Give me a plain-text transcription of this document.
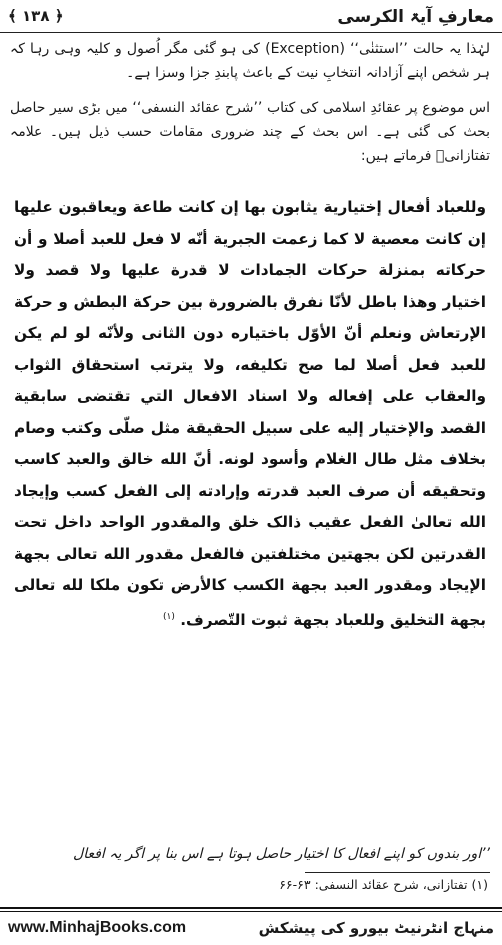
معارفِ آیۃ الکرسی
﴾ ۱۳۸ ﴿

لہٰذا یہ حالت ’’استثنٰی‘‘ (Exception) کی ہو گئی مگر اُصول و کلیہ وہی رہا کہ ہر شخص اپنے آزادانہ انتخابِ نیت کے باعث پابندِ جزا وسزا ہے۔

اس موضوع پر عقائدِ اسلامی کی کتاب ’’شرح عقائد النسفی‘‘ میں بڑی سیر حاصل بحث کی گئی ہے۔ اس بحث کے چند ضروری مقامات حسب ذیل ہیں۔ علامہ تفتازانیؒ فرماتے ہیں:

وللعباد أفعال إختيارية يثابون بها إن كانت طاعة ويعاقبون عليها إن كانت معصية لا كما زعمت الجبرية أنّه لا فعل للعبد أصلا و أن حركاته بمنزلة حركات الجمادات لا قدرة عليها ولا قصد ولا اختيار وهذا باطل لأنّا نفرق بالضرورة بين حركة البطش و حركة الإرتعاش ونعلم أنّ الأوّل باختياره دون الثانی ولأنّه لو لم يكن للعبد فعل أصلا لما صح تكليفه، ولا يترتب استحقاق الثواب والعقاب على إفعاله ولا اسناد الافعال التي تقتضی سابقية القصد والإختيار إليه على سبيل الحقيقة مثل صلّى وكتب وصام بخلاف مثل طال الغلام وأسود لونه. أنّ الله خالق والعبد كاسب وتحقيقه أن صرف العبد قدرته وإرادته إلى الفعل كسب وإيجاد الله تعالىٰ الفعل عقيب ذالک خلق والمقدور الواحد داخل تحت القدرتين لكن بجهتين مختلفتين فالفعل مقدور الله تعالى بجهة الإيجاد ومقدور العبد بجهة الكسب كالأرض تكون ملكا لله تعالى بجهة التخليق وللعباد بجهة ثبوت التّصرف. $^{(۱)}$

’’اور بندوں کو اپنے افعال کا اختیار حاصل ہوتا ہے اس بنا پر اگر یہ افعال

(۱) تفتازانی، شرح عقائد النسفی: ۶۳-۶۶

www.MinhajBooks.com	منہاج انٹرنیٹ بیورو کی پیشکش
